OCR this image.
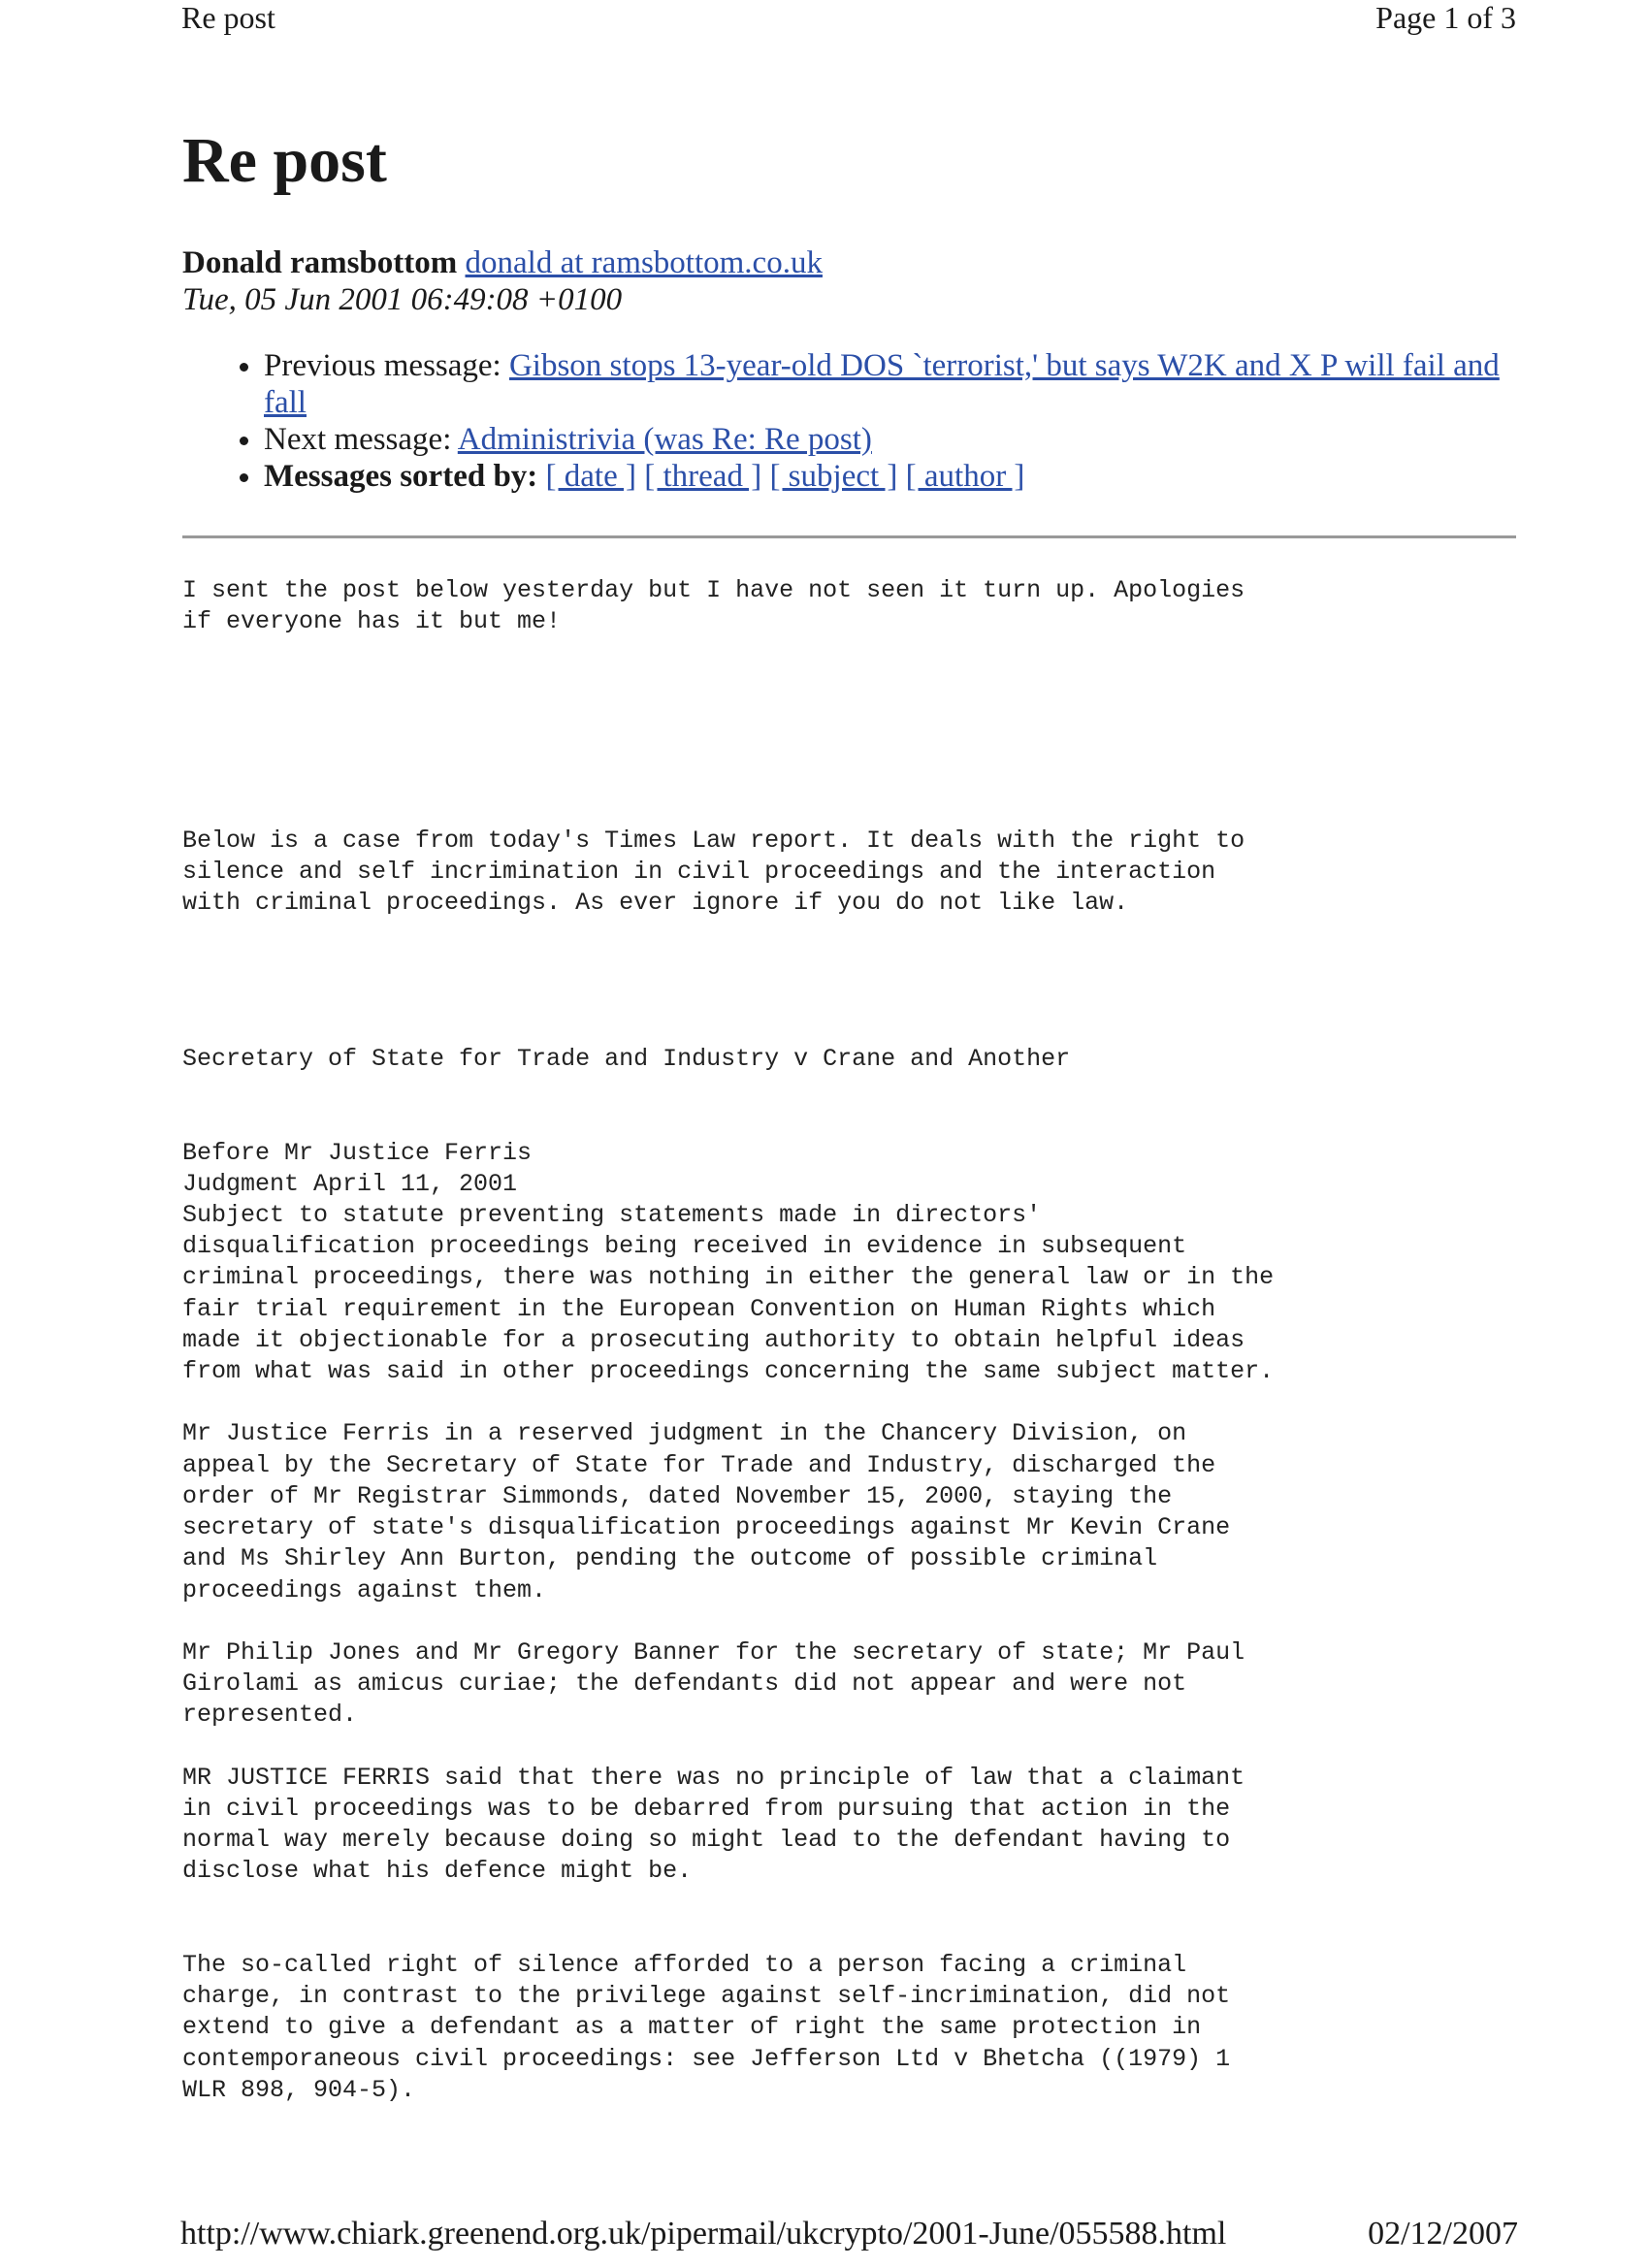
Re post	Page 1 of 3
Re post
Donald ramsbottom donald at ramsbottom.co.uk
Tue, 05 Jun 2001 06:49:08 +0100
• Previous message: Gibson stops 13-year-old DOS `terrorist,' but says W2K and X P will fail and fall
• Next message: Administrivia (was Re: Re post)
• Messages sorted by: [ date ] [ thread ] [ subject ] [ author ]
I sent the post below yesterday but I have not seen it turn up. Apologies
if everyone has it but me!

Below is a case from today's Times Law report. It deals with the right to
silence and self incrimination in civil proceedings and the interaction
with criminal proceedings. As ever ignore if you do not like law.

Secretary of State for Trade and Industry v Crane and Another

Before Mr Justice Ferris
Judgment April 11, 2001
Subject to statute preventing statements made in directors'
disqualification proceedings being received in evidence in subsequent
criminal proceedings, there was nothing in either the general law or in the
fair trial requirement in the European Convention on Human Rights which
made it objectionable for a prosecuting authority to obtain helpful ideas
from what was said in other proceedings concerning the same subject matter.

Mr Justice Ferris in a reserved judgment in the Chancery Division, on
appeal by the Secretary of State for Trade and Industry, discharged the
order of Mr Registrar Simmonds, dated November 15, 2000, staying the
secretary of state's disqualification proceedings against Mr Kevin Crane
and Ms Shirley Ann Burton, pending the outcome of possible criminal
proceedings against them.

Mr Philip Jones and Mr Gregory Banner for the secretary of state; Mr Paul
Girolami as amicus curiae; the defendants did not appear and were not
represented.

MR JUSTICE FERRIS said that there was no principle of law that a claimant
in civil proceedings was to be debarred from pursuing that action in the
normal way merely because doing so might lead to the defendant having to
disclose what his defence might be.

The so-called right of silence afforded to a person facing a criminal
charge, in contrast to the privilege against self-incrimination, did not
extend to give a defendant as a matter of right the same protection in
contemporaneous civil proceedings: see Jefferson Ltd v Bhetcha ((1979) 1
WLR 898, 904-5).
http://www.chiark.greenend.org.uk/pipermail/ukcrypto/2001-June/055588.html	02/12/2007
